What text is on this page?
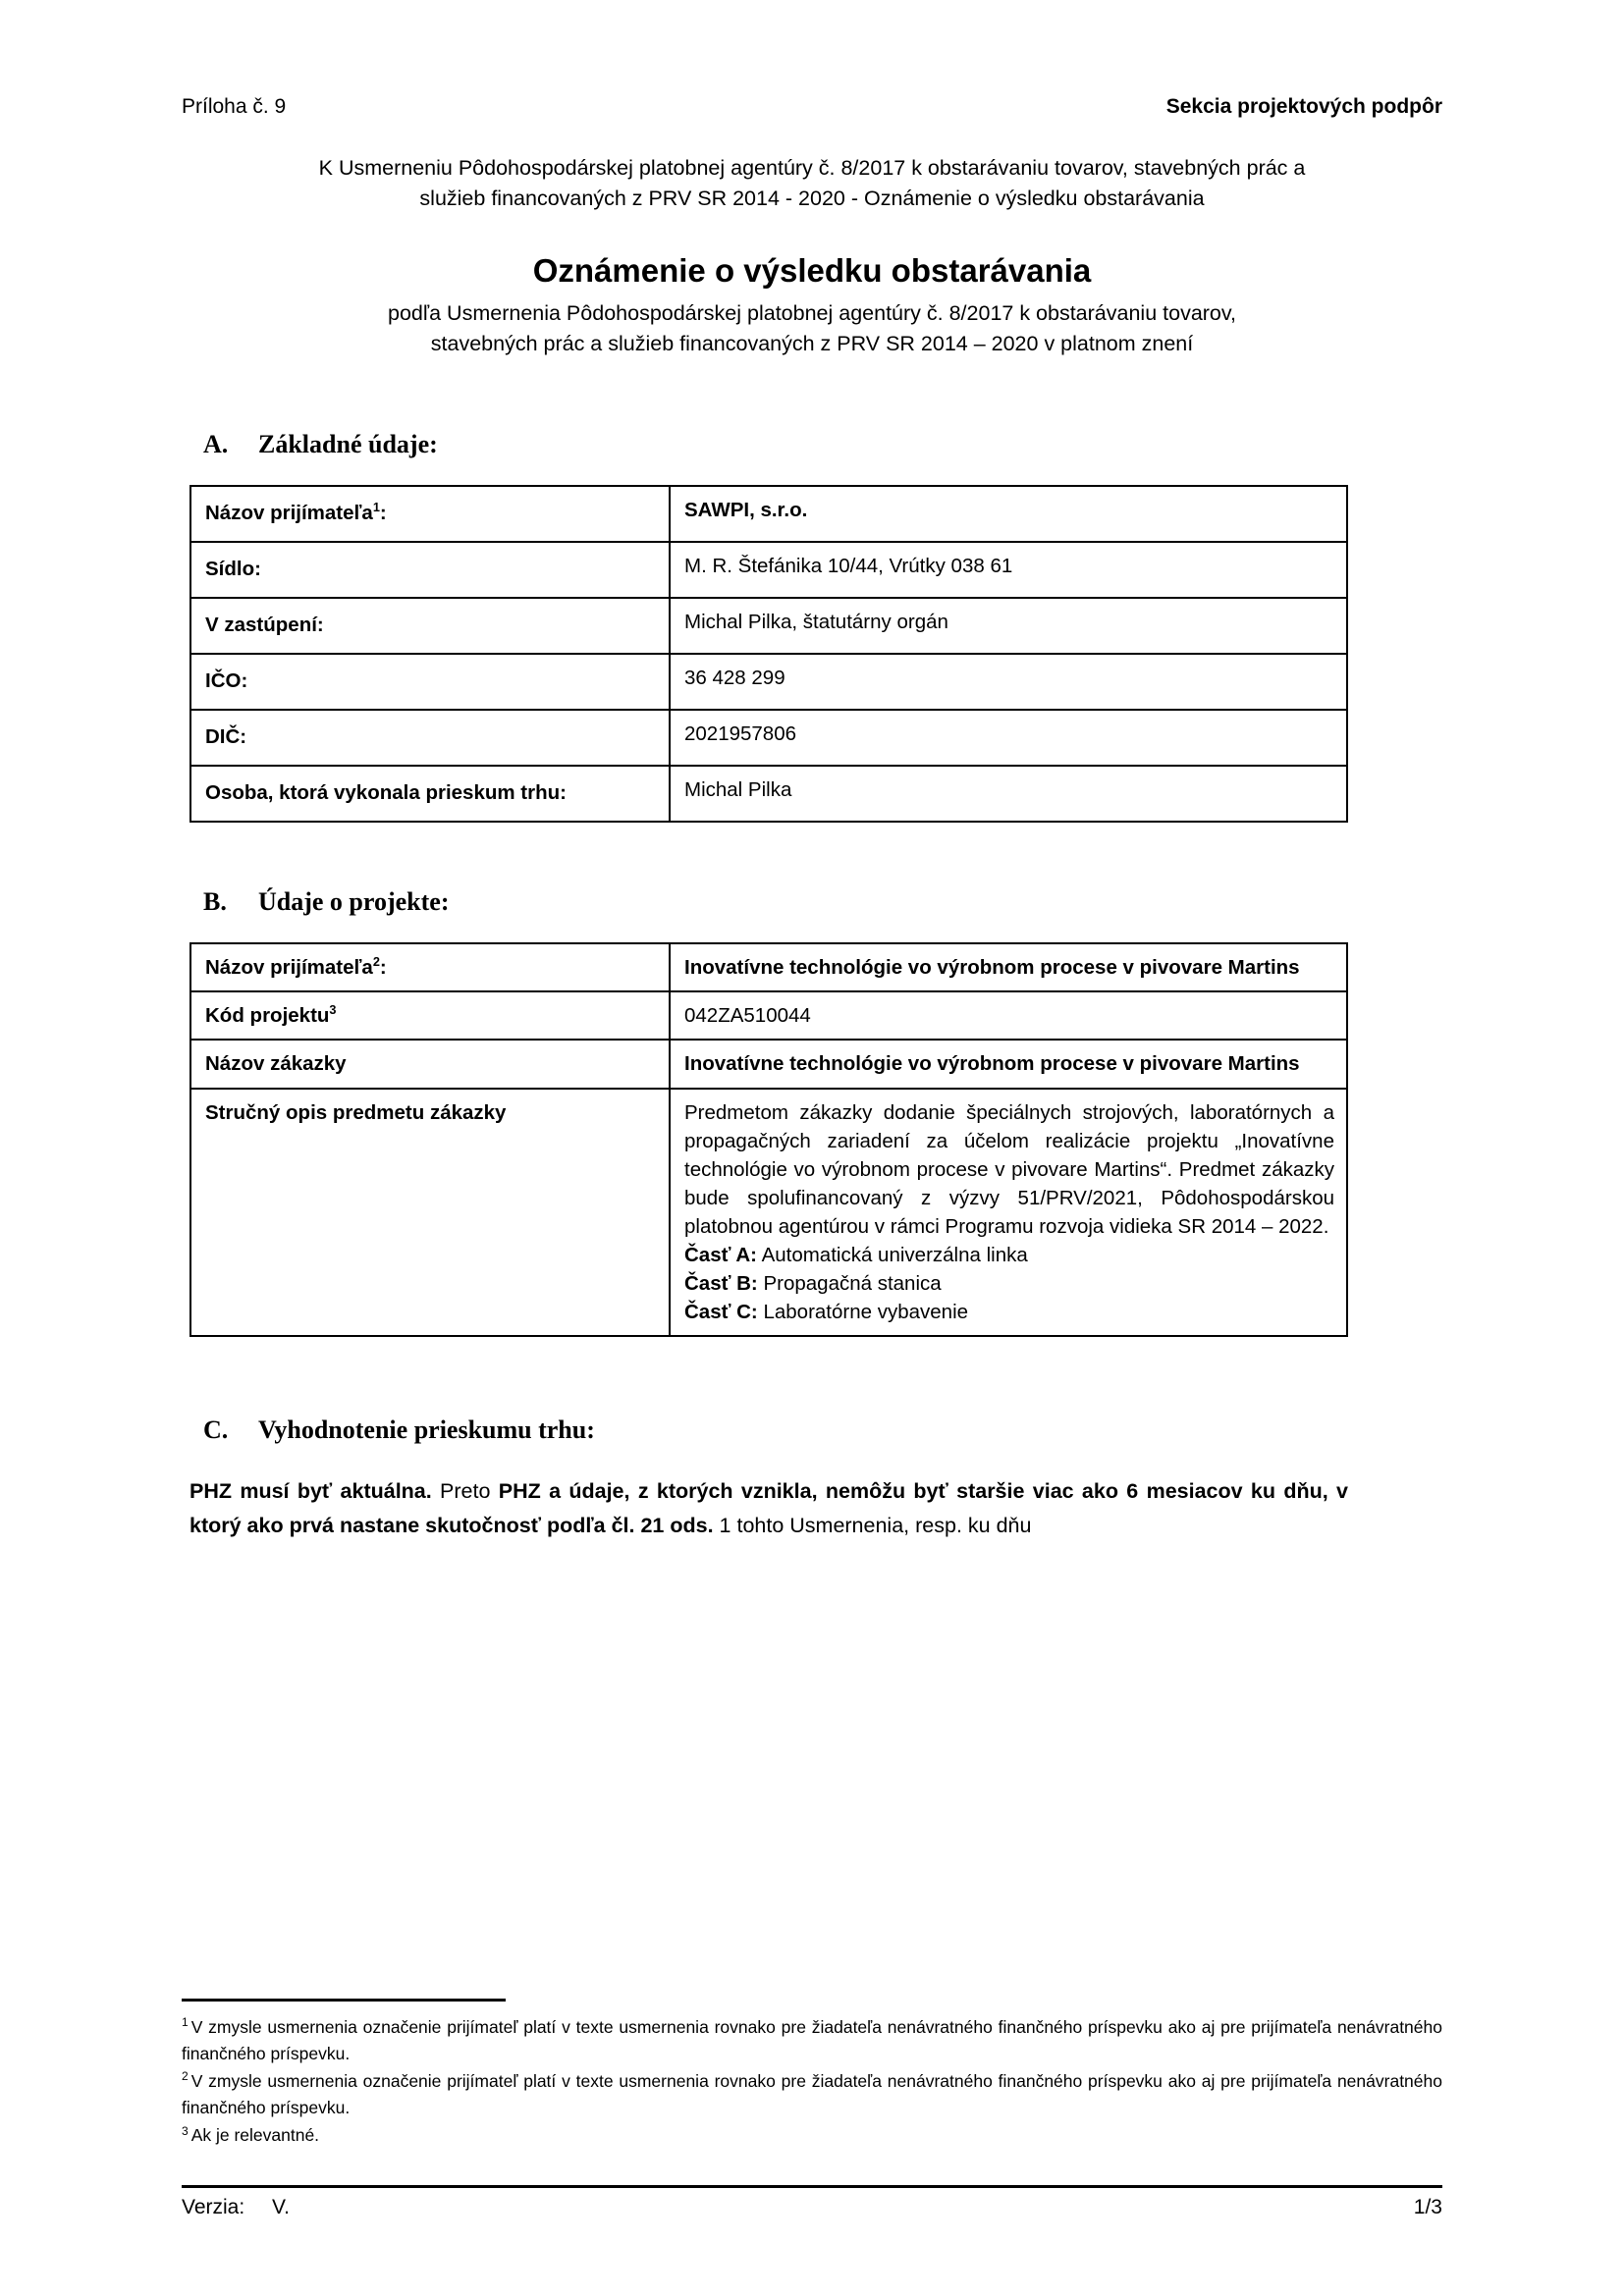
Príloha č. 9	Sekcia projektových podpôr
K Usmerneniu Pôdohospodárskej platobnej agentúry č. 8/2017 k obstarávaniu tovarov, stavebných prác a
služieb financovaných z PRV SR 2014 - 2020 - Oznámenie o výsledku obstarávania
Oznámenie o výsledku obstarávania
podľa Usmernenia Pôdohospodárskej platobnej agentúry č. 8/2017 k obstarávaniu tovarov,
stavebných prác a služieb financovaných z PRV SR 2014 – 2020 v platnom znení
A.	Základné údaje:
Názov prijímateľa$^1$:	SAWPI, s.r.o.
Sídlo:	M. R. Štefánika 10/44, Vrútky 038 61
V zastúpení:	Michal Pilka, štatutárny orgán
IČO:	36 428 299
DIČ:	2021957806
Osoba, ktorá vykonala prieskum trhu:	Michal Pilka
B.	Údaje o projekte:
Názov prijímateľa$^2$:	Inovatívne technológie vo výrobnom procese v pivovare Martins
Kód projektu$^3$	042ZA510044
Názov zákazky	Inovatívne technológie vo výrobnom procese v pivovare Martins
Stručný opis predmetu zákazky	Predmetom zákazky dodanie špeciálnych strojových, laboratórnych a propagačných zariadení za účelom realizácie projektu „Inovatívne technológie vo výrobnom procese v pivovare Martins“. Predmet zákazky bude spolufinancovaný z výzvy 51/PRV/2021, Pôdohospodárskou platobnou agentúrou v rámci Programu rozvoja vidieka SR 2014 – 2022.
Časť A: Automatická univerzálna linka
Časť B: Propagačná stanica
Časť C: Laboratórne vybavenie
C.	Vyhodnotenie prieskumu trhu:
PHZ musí byť aktuálna. Preto PHZ a údaje, z ktorých vznikla, nemôžu byť staršie viac ako 6 mesiacov ku dňu, v ktorý ako prvá nastane skutočnosť podľa čl. 21 ods. 1 tohto Usmernenia, resp. ku dňu

$^1$ V zmysle usmernenia označenie prijímateľ platí v texte usmernenia rovnako pre žiadateľa nenávratného finančného príspevku ako aj pre prijímateľa nenávratného finančného príspevku.

$^2$ V zmysle usmernenia označenie prijímateľ platí v texte usmernenia rovnako pre žiadateľa nenávratného finančného príspevku ako aj pre prijímateľa nenávratného finančného príspevku.

$^3$ Ak je relevantné.

Verzia:	V.	1/3
